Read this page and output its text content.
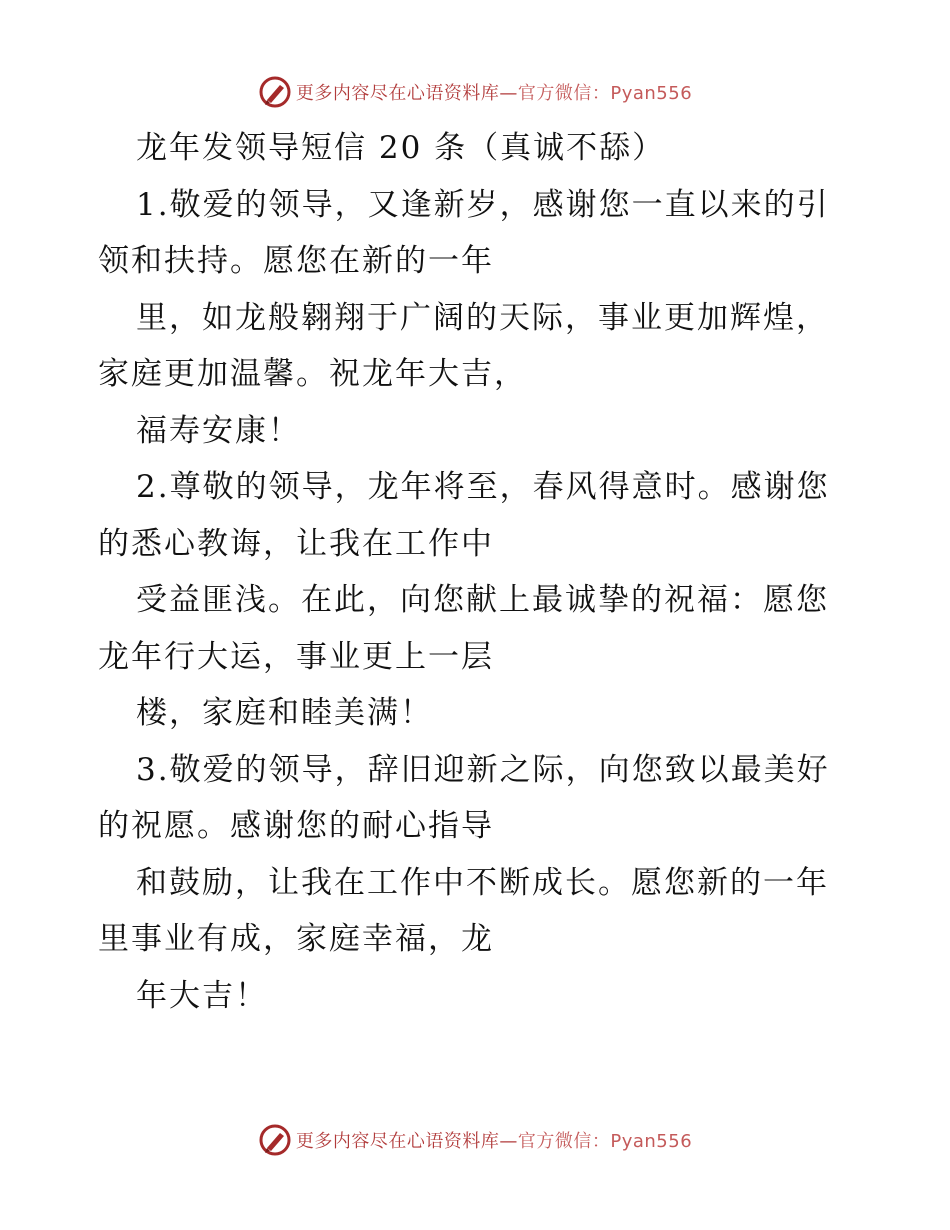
更多内容尽在心语资料库—官方微信：Pyan556
龙年发领导短信 20 条（真诚不舔）
1.敬爱的领导，又逢新岁，感谢您一直以来的引
领和扶持。愿您在新的一年
里，如龙般翱翔于广阔的天际，事业更加辉煌，
家庭更加温馨。祝龙年大吉，
福寿安康！
2.尊敬的领导，龙年将至，春风得意时。感谢您
的悉心教诲，让我在工作中
受益匪浅。在此，向您献上最诚挚的祝福：愿您
龙年行大运，事业更上一层
楼，家庭和睦美满！
3.敬爱的领导，辞旧迎新之际，向您致以最美好
的祝愿。感谢您的耐心指导
和鼓励，让我在工作中不断成长。愿您新的一年
里事业有成，家庭幸福，龙
年大吉！
更多内容尽在心语资料库—官方微信：Pyan556
